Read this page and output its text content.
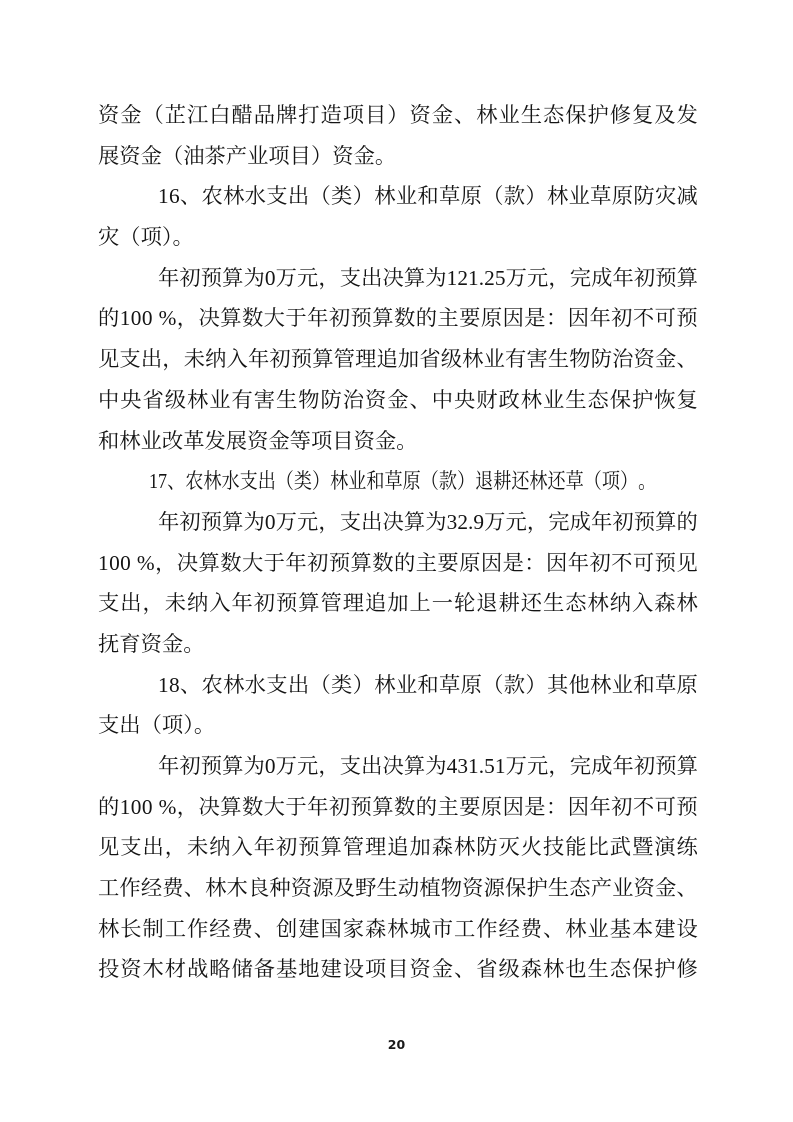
资 金 （ 芷 江 白 醋 品 牌 打 造 项 目 ） 资 金 、 林 业 生 态 保 护 修 复 及 发
展资金（油茶产业项目）资金。
1 6 、 农 林 水 支 出 （ 类 ） 林 业 和 草 原 （ 款 ） 林 业 草 原 防 灾 减
灾（项）。
年 初 预 算 为 0 万 元 ， 支 出 决 算 为 1 2 1 . 2 5 万 元 ， 完 成 年 初 预 算
的 1 0 0
% ， 决 算 数 大 于 年 初 预 算 数 的 主 要 原 因 是 ： 因 年 初 不 可 预
见 支 出 ， 未 纳 入 年 初 预 算 管 理 追 加 省 级 林 业 有 害 生 物 防 治 资 金 、
中 央 省 级 林 业 有 害 生 物 防 治 资 金 、 中 央 财 政 林 业 生 态 保 护 恢 复
和林业改革发展资金等项目资金。
1 7 、 农 林 水 支 出 （ 类 ） 林 业 和 草 原 （ 款 ） 退 耕 还 林 还 草 （ 项 ） 。
年 初 预 算 为 0 万 元 ， 支 出 决 算 为 3 2 . 9 万 元 ， 完 成 年 初 预 算 的
1 0 0
% ， 决 算 数 大 于 年 初 预 算 数 的 主 要 原 因 是 ： 因 年 初 不 可 预 见
支 出 ， 未 纳 入 年 初 预 算 管 理 追 加 上 一 轮 退 耕 还 生 态 林 纳 入 森 林
抚育资金。
1 8 、 农 林 水 支 出 （ 类 ） 林 业 和 草 原 （ 款 ） 其 他 林 业 和 草 原
支出（项）。
年 初 预 算 为 0 万 元 ， 支 出 决 算 为 4 3 1 . 5 1 万 元 ， 完 成 年 初 预 算
的 1 0 0
% ， 决 算 数 大 于 年 初 预 算 数 的 主 要 原 因 是 ： 因 年 初 不 可 预
见 支 出 ， 未 纳 入 年 初 预 算 管 理 追 加 森 林 防 灭 火 技 能 比 武 暨 演 练
工 作 经 费 、 林 木 良 种 资 源 及 野 生 动 植 物 资 源 保 护 生 态 产 业 资 金 、
林 长 制 工 作 经 费 、 创 建 国 家 森 林 城 市 工 作 经 费 、 林 业 基 本 建 设
投 资 木 材 战 略 储 备 基 地 建 设 项 目 资 金 、 省 级 森 林 也 生 态 保 护 修
20
